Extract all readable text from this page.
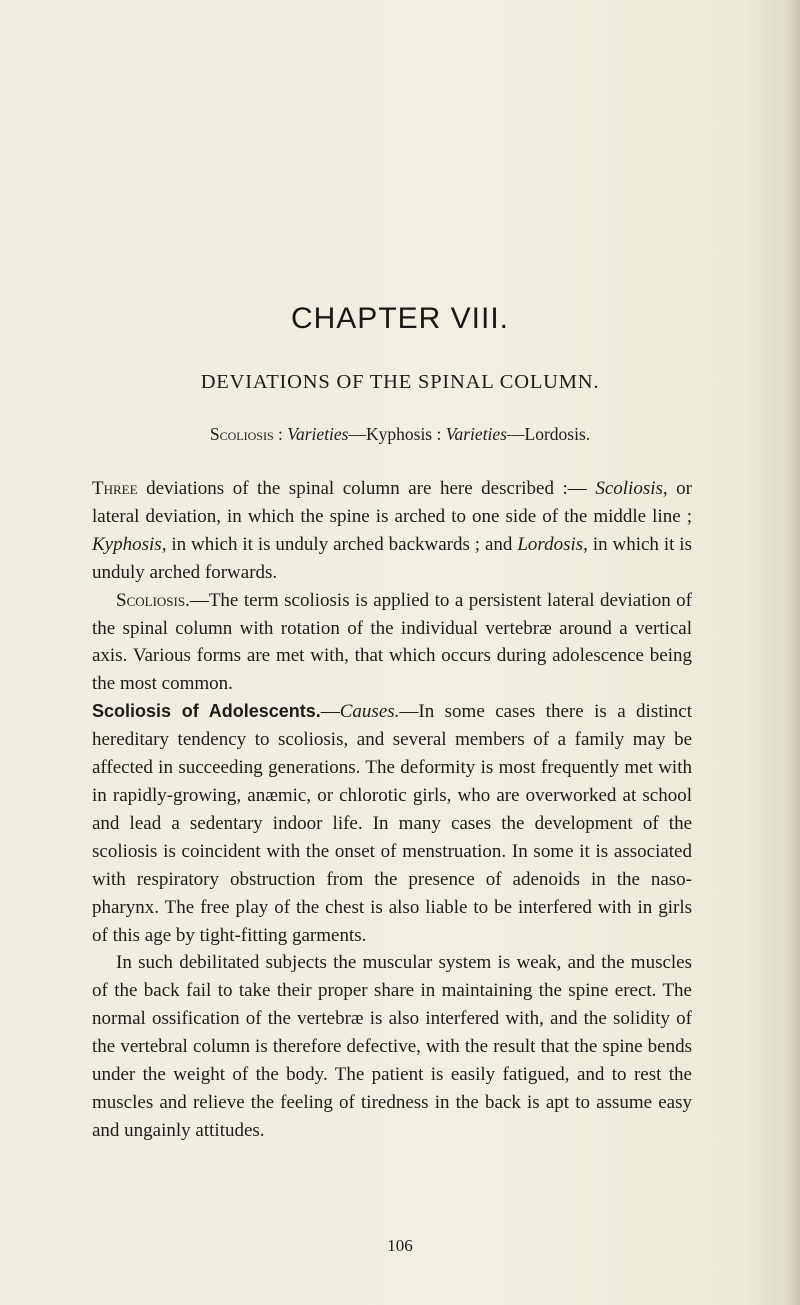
CHAPTER VIII.
DEVIATIONS OF THE SPINAL COLUMN.
Scoliosis : Varieties—Kyphosis : Varieties—Lordosis.

Three deviations of the spinal column are here described :— Scoliosis, or lateral deviation, in which the spine is arched to one side of the middle line ; Kyphosis, in which it is unduly arched backwards ; and Lordosis, in which it is unduly arched forwards.

Scoliosis.—The term scoliosis is applied to a persistent lateral deviation of the spinal column with rotation of the individual vertebræ around a vertical axis. Various forms are met with, that which occurs during adolescence being the most common.

Scoliosis of Adolescents.—Causes.—In some cases there is a distinct hereditary tendency to scoliosis, and several members of a family may be affected in succeeding generations. The deformity is most frequently met with in rapidly-growing, anæmic, or chlorotic girls, who are overworked at school and lead a sedentary indoor life. In many cases the development of the scoliosis is coincident with the onset of menstruation. In some it is associated with respiratory obstruction from the presence of adenoids in the naso-pharynx. The free play of the chest is also liable to be interfered with in girls of this age by tight-fitting garments.

In such debilitated subjects the muscular system is weak, and the muscles of the back fail to take their proper share in maintaining the spine erect. The normal ossification of the vertebræ is also interfered with, and the solidity of the vertebral column is therefore defective, with the result that the spine bends under the weight of the body. The patient is easily fatigued, and to rest the muscles and relieve the feeling of tiredness in the back is apt to assume easy and ungainly attitudes.

106
